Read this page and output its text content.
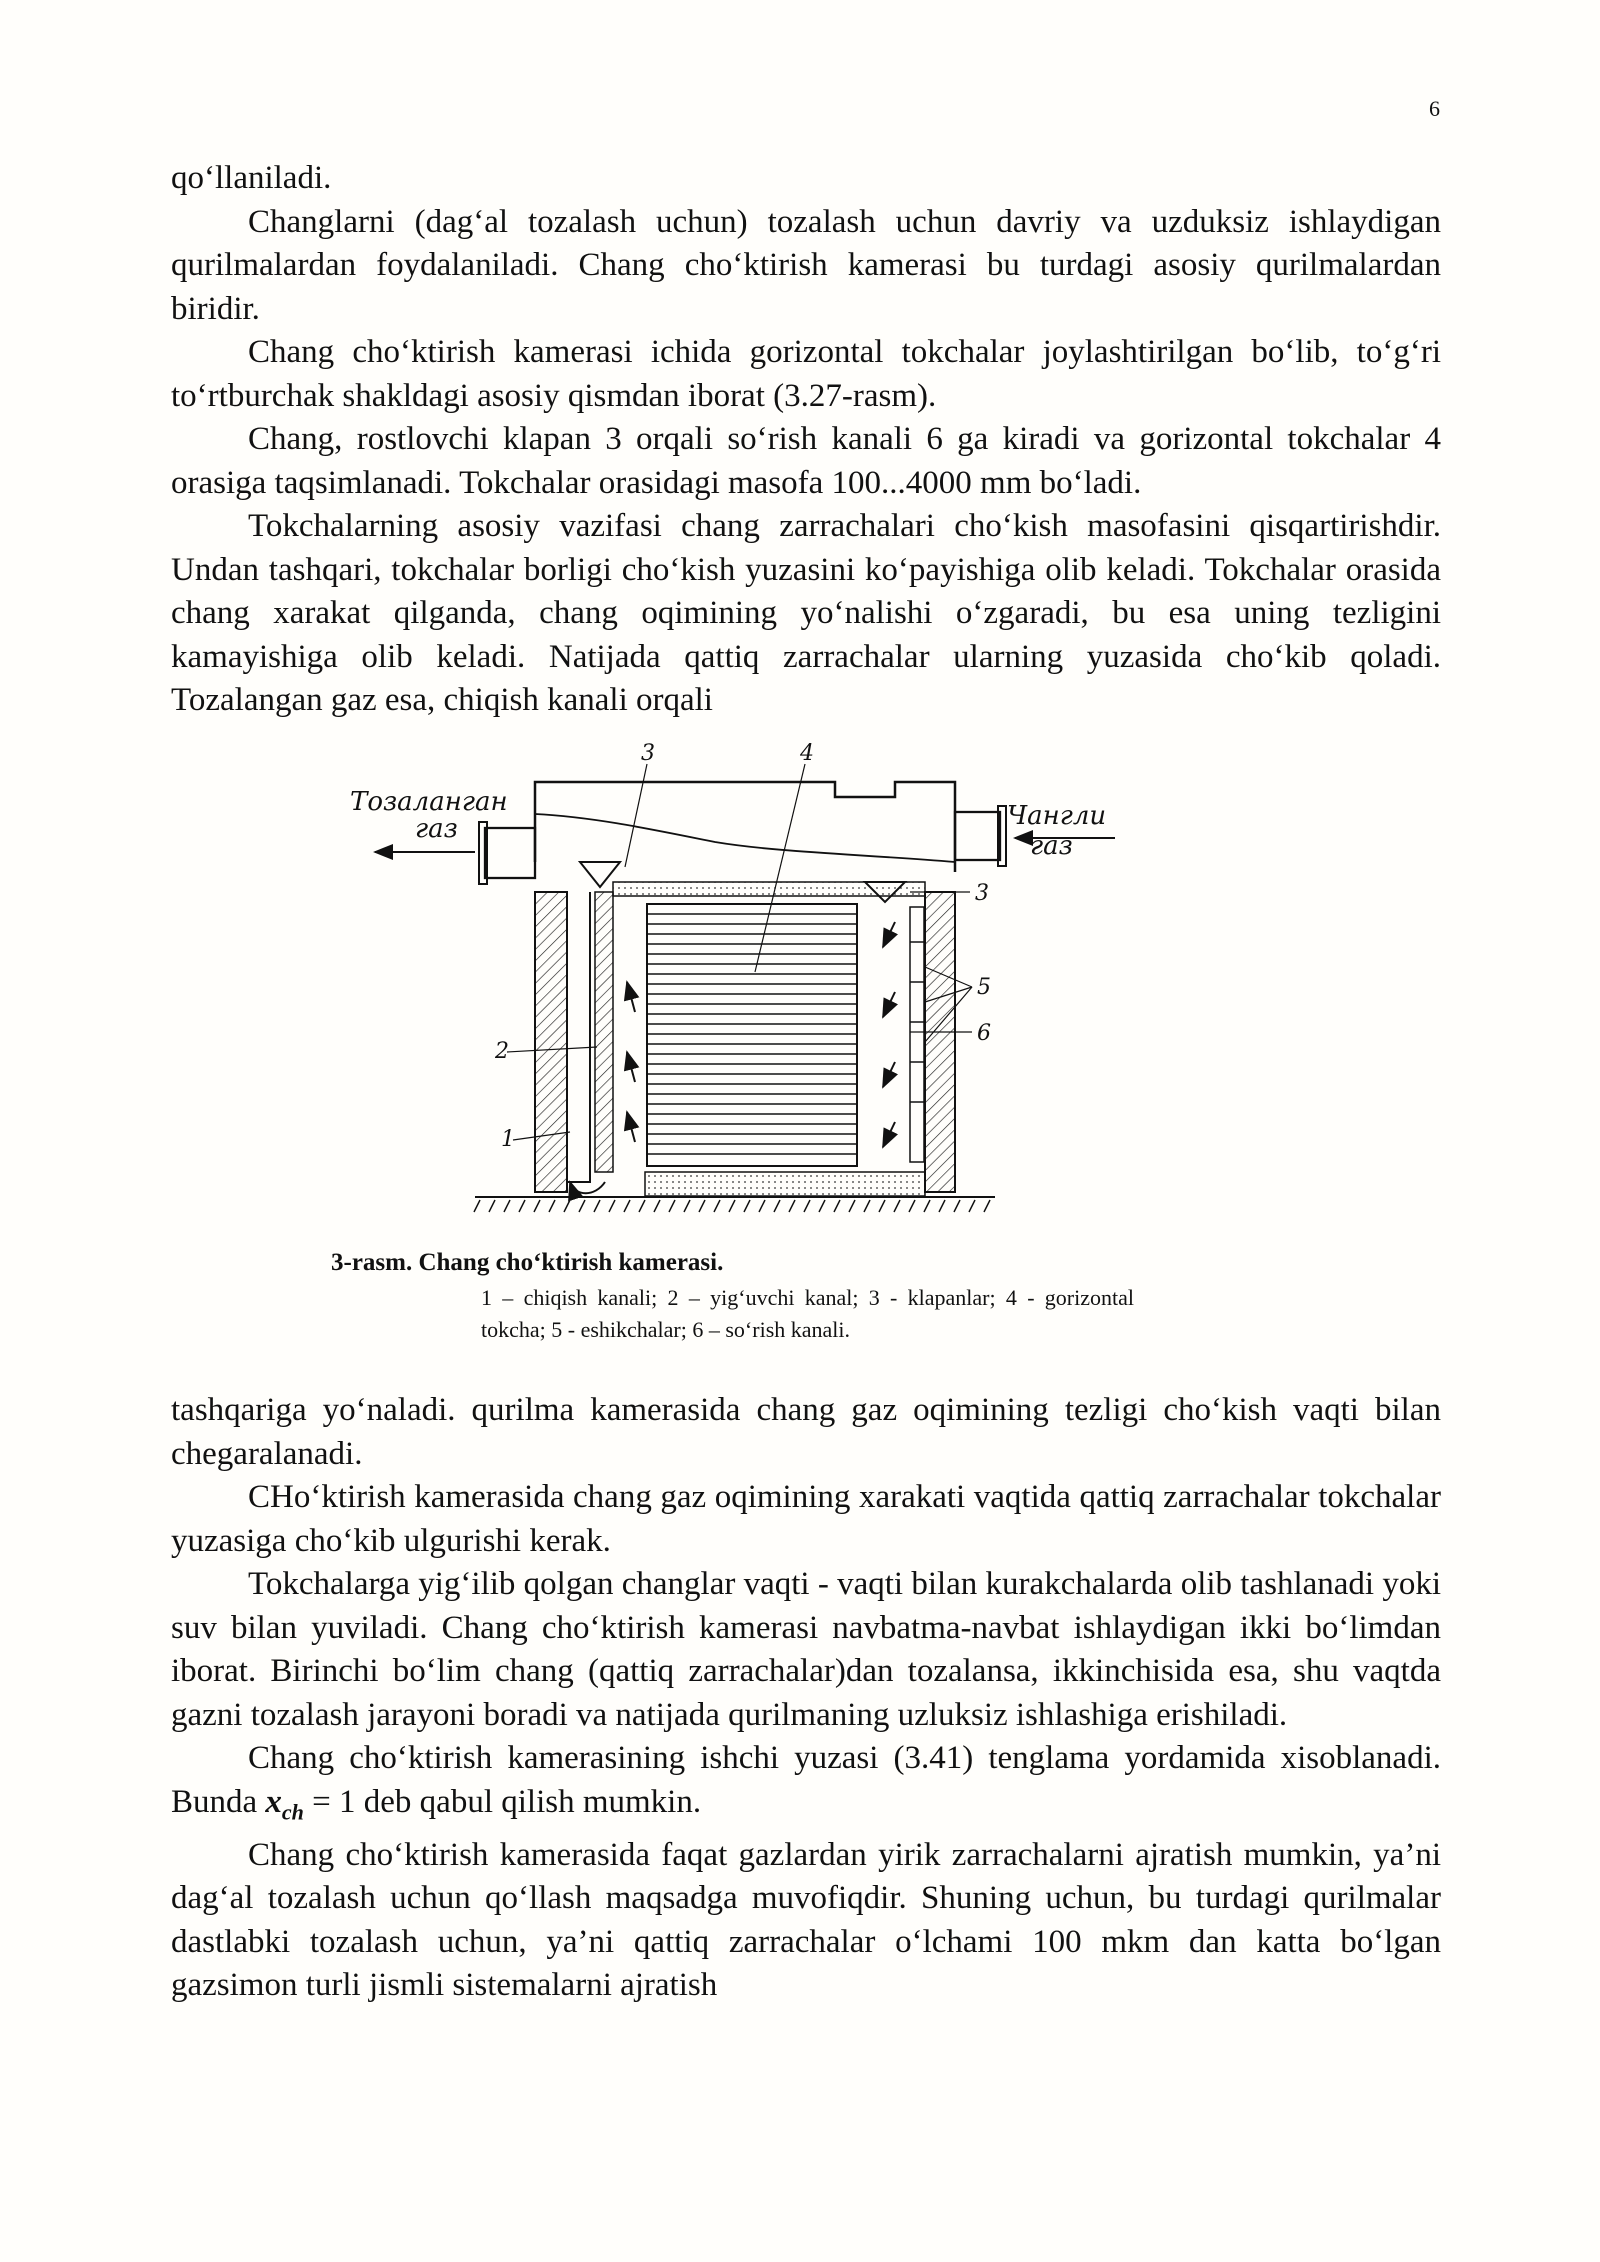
6

qo‘llaniladi.

Changlarni (dag‘al tozalash uchun) tozalash uchun davriy va uzduksiz ishlaydigan qurilmalardan foydalaniladi. Chang cho‘ktirish kamerasi bu turdagi asosiy qurilmalardan biridir.

Chang cho‘ktirish kamerasi ichida gorizontal tokchalar joylashtirilgan bo‘lib, to‘g‘ri to‘rtburchak shakldagi asosiy qismdan iborat (3.27-rasm).

Chang, rostlovchi klapan 3 orqali so‘rish kanali 6 ga kiradi va gorizontal tokchalar 4 orasiga taqsimlanadi. Tokchalar orasidagi masofa 100...4000 mm bo‘ladi.

Tokchalarning asosiy vazifasi chang zarrachalari cho‘kish masofasini qisqartirishdir. Undan tashqari, tokchalar borligi cho‘kish yuzasini ko‘payishiga olib keladi. Tokchalar orasida chang xarakat qilganda, chang oqimining yo‘nalishi o‘zgaradi, bu esa uning tezligini kamayishiga olib keladi. Natijada qattiq zarrachalar ularning yuzasida cho‘kib qoladi. Tozalangan gaz esa, chiqish kanali orqali

Тозаланган
газ	Чангли
газ
3	4
3
5
6
2
1
3-rasm. Chang cho‘ktirish kamerasi.
1 – chiqish kanali; 2 – yig‘uvchi kanal; 3 - klapanlar; 4 - gorizontal tokcha; 5 - eshikchalar; 6 – so‘rish kanali.

tashqariga yo‘naladi. qurilma kamerasida chang gaz oqimining tezligi cho‘kish vaqti bilan chegaralanadi.

CHo‘ktirish kamerasida chang gaz oqimining xarakati vaqtida qattiq zarrachalar tokchalar yuzasiga cho‘kib ulgurishi kerak.

Tokchalarga yig‘ilib qolgan changlar vaqti - vaqti bilan kurakchalarda olib tashlanadi yoki suv bilan yuviladi. Chang cho‘ktirish kamerasi navbatma-navbat ishlaydigan ikki bo‘limdan iborat. Birinchi bo‘lim chang (qattiq zarrachalar)dan tozalansa, ikkinchisida esa, shu vaqtda gazni tozalash jarayoni boradi va natijada qurilmaning uzluksiz ishlashiga erishiladi.

Chang cho‘ktirish kamerasining ishchi yuzasi (3.41) tenglama yordamida xisoblanadi. Bunda $x_{ch} = 1$ deb qabul qilish mumkin.

Chang cho‘ktirish kamerasida faqat gazlardan yirik zarrachalarni ajratish mumkin, ya’ni dag‘al tozalash uchun qo‘llash maqsadga muvofiqdir. Shuning uchun, bu turdagi qurilmalar dastlabki tozalash uchun, ya’ni qattiq zarrachalar o‘lchami 100 mkm dan katta bo‘lgan gazsimon turli jismli sistemalarni ajratish
